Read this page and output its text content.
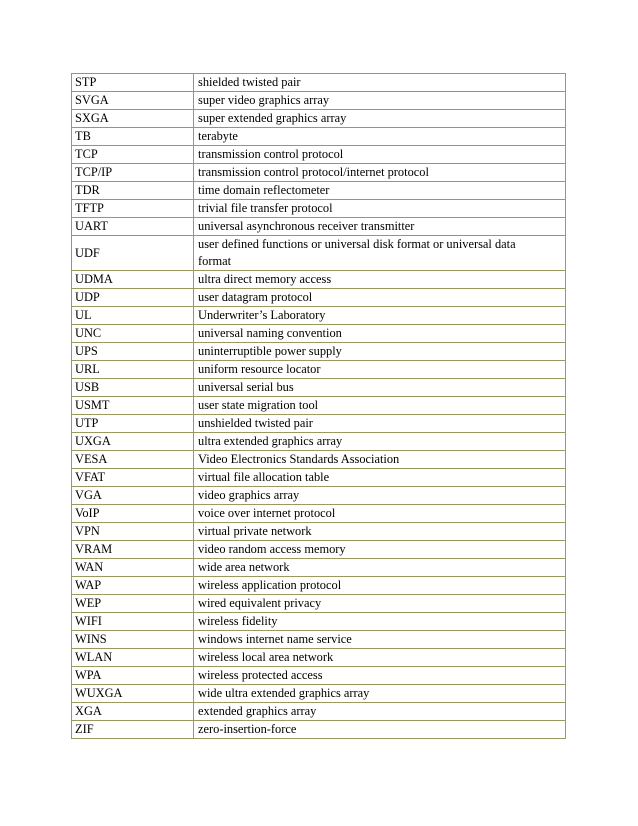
STP	shielded twisted pair
SVGA	super video graphics array
SXGA	super extended graphics array
TB	terabyte
TCP	transmission control protocol
TCP/IP	transmission control protocol/internet protocol
TDR	time domain reflectometer
TFTP	trivial file transfer protocol
UART	universal asynchronous receiver transmitter
UDF	user defined functions or universal disk format or universal data format
UDMA	ultra direct memory access
UDP	user datagram protocol
UL	Underwriter’s Laboratory
UNC	universal naming convention
UPS	uninterruptible power supply
URL	uniform resource locator
USB	universal serial bus
USMT	user state migration tool
UTP	unshielded twisted pair
UXGA	ultra extended graphics array
VESA	Video Electronics Standards Association
VFAT	virtual file allocation table
VGA	video graphics array
VoIP	voice over internet protocol
VPN	virtual private network
VRAM	video random access memory
WAN	wide area network
WAP	wireless application protocol
WEP	wired equivalent privacy
WIFI	wireless fidelity
WINS	windows internet name service
WLAN	wireless local area network
WPA	wireless protected access
WUXGA	wide ultra extended graphics array
XGA	extended graphics array
ZIF	zero-insertion-force
